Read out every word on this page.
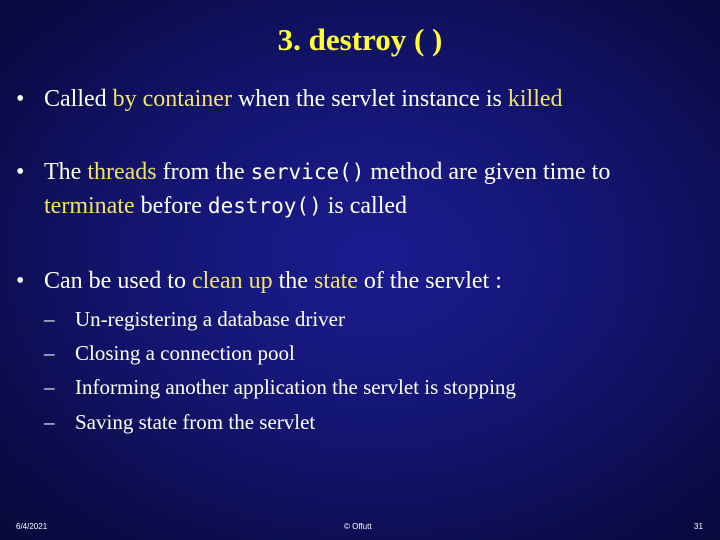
3. destroy ( )
• Called by container when the servlet instance is killed
• The threads from the service() method are given time to terminate before destroy() is called
• Can be used to clean up the state of the servlet :
– Un-registering a database driver
– Closing a connection pool
– Informing another application the servlet is stopping
– Saving state from the servlet
6/4/2021	© Offutt	31
